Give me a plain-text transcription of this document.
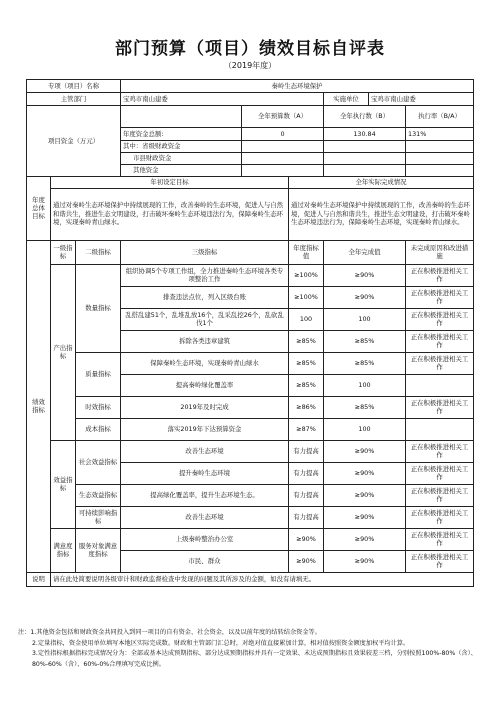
部门预算（项目）绩效目标自评表
（2019年度）
专项（项目）名称			秦岭生态环境保护					
主管部门			宝鸡市南山建委			实施单位	宝鸡市南山建委	
项目资金（万元）				全年预算数（A）		全年执行数（B）		执行率（B/A）
			年度资金总额:	0		130.84		131%
			其中：省级财政资金					
			市县财政资金					
			其他资金					
年度总体目标	年初设定目标				全年实际完成情况			
	通过对秦岭生态环境保护中持续展现的工作，改善秦岭的生态环境，促进人与自然和谐共生，推进生态文明建设，打击破坏秦岭生态环境违法行为，保障秦岭生态环境，实现秦岭青山绿水。				通过对秦岭生态环境保护中持续展现的工作，改善秦岭的生态环境，促进人与自然和谐共生，推进生态文明建设，打击破坏秦岭生态环境违法行为，保障秦岭生态环境，实现秦岭青山绿水。			
绩效指标	一级指标	二级指标	三级指标		年度指标值	全年完成值		未完成原因和改进措施
	产出指标	数量指标	组织协调5个专项工作组，全力推进秦岭生态环境各类专项整治工作		≥100%	≥90%		正在积极推进相关工作
			排查违法点位，列入区级台账		≥100%	≥90%		正在积极推进相关工作
			乱搭乱建51个，乱堆乱放16个，乱采乱挖26个，乱砍乱伐1个		100	100		正在积极推进相关工作
			拆除各类违章建筑		≥85%	≥85%		正在积极推进相关工作
		质量指标	保障秦岭生态环境，实现秦岭青山绿水		≥85%	≥85%		正在积极推进相关工作
			提高秦岭绿化覆盖率		≥85%	100		
		时效指标	2019年及时完成		≥86%	≥85%		正在积极推进相关工作
		成本指标	落实2019年下达预算资金		≥87%	100		
	效益指标	社会效益指标	改善生态环境		有力提高	≥90%		正在积极推进相关工作
			提升秦岭生态环境		有力提高	≥90%		正在积极推进相关工作
		生态效益指标	提高绿化覆盖率，提升生态环境生态。		有力提高	≥90%		正在积极推进相关工作
		可持续影响指标	改善生态环境		有力提高	≥90%		正在积极推进相关工作
	满意度指标	服务对象满意度指标	上级秦岭整治办公室		≥90%	≥90%		正在积极推进相关工作
			市民、群众		≥90%	≥90%		正在积极推进相关工作
说明	请在此处简要说明各级审计和财政监督检查中发现的问题及其所涉及的金额，如没有请填无。							

注：1.其他资金包括和财政资金共同投入到同一项目的自有资金、社会资金，以及以前年度的结转结余资金等。

2.定量指标，资金使用单位填写本地区实际完成数。财政和主管部门汇总时，对绝对值直接累加计算，相对值按照资金额度加权平均计算。

3.定性指标根据指标完成情况分为：全部或基本达成预期指标、部分达成预期指标并具有一定效果、未达成预期指标且效果较差三档，分别按照100%-80%（含）、80%-60%（含）、60%-0%合理填写完成比例。
